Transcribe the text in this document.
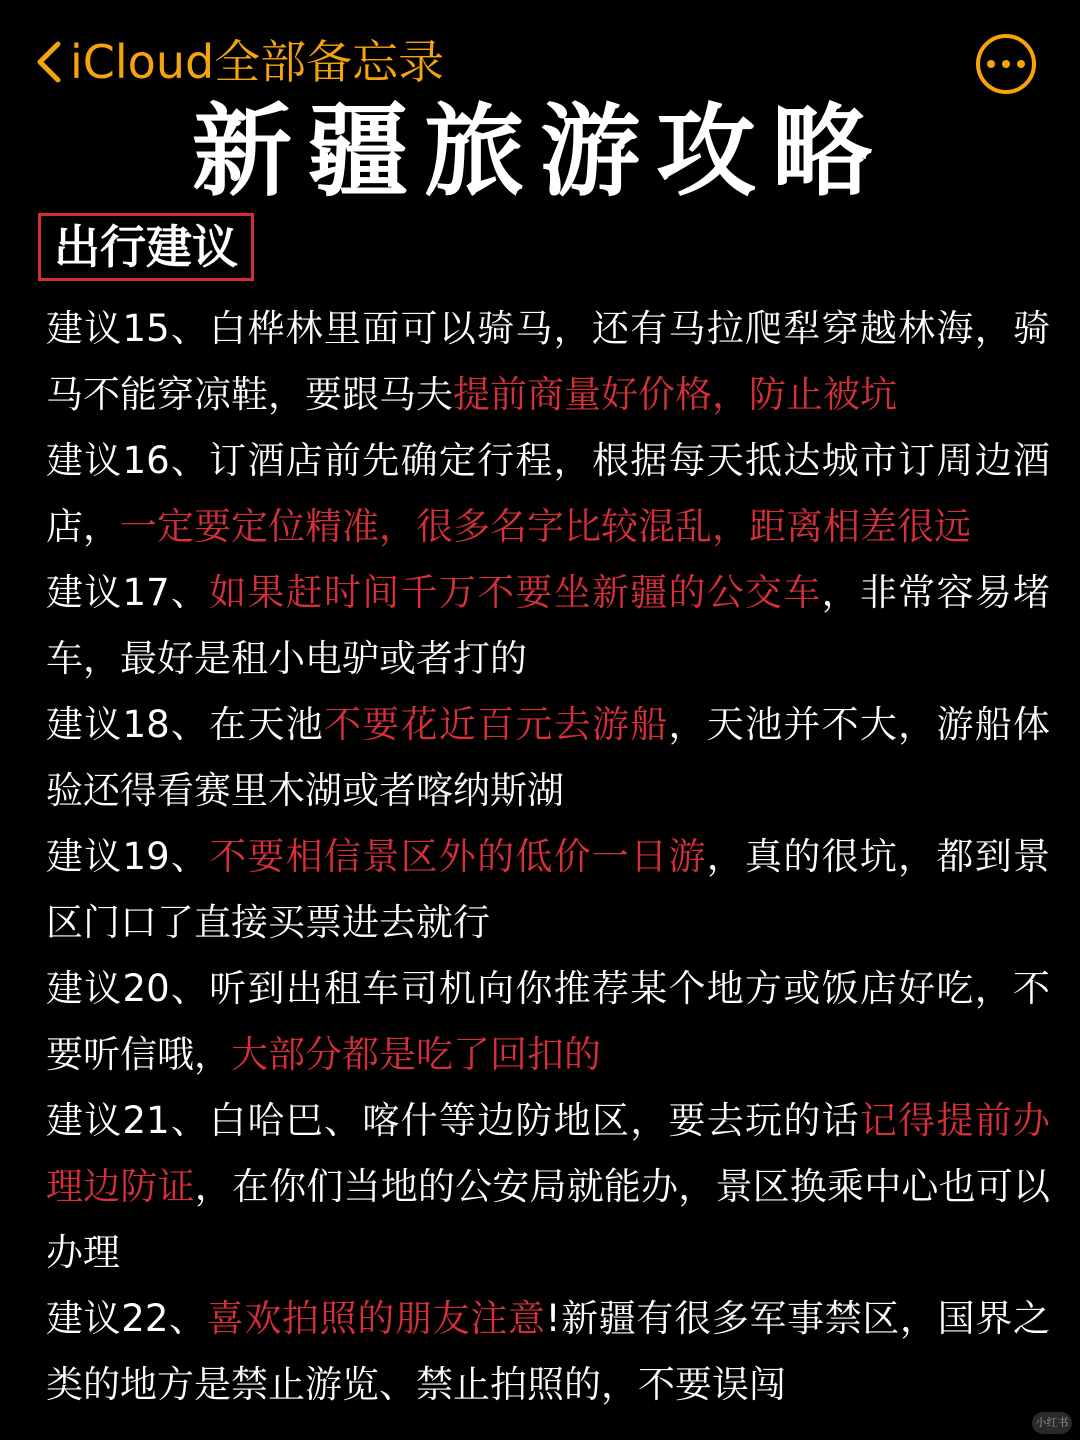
iCloud全部备忘录
新疆旅游攻略
出行建议

建议15、白桦林里面可以骑马，还有马拉爬犁穿越林海，骑马不能穿凉鞋，要跟马夫提前商量好价格，防止被坑

建议16、订酒店前先确定行程，根据每天抵达城市订周边酒店，一定要定位精准，很多名字比较混乱，距离相差很远

建议17、如果赶时间千万不要坐新疆的公交车，非常容易堵车，最好是租小电驴或者打的

建议18、在天池不要花近百元去游船，天池并不大，游船体验还得看赛里木湖或者喀纳斯湖

建议19、不要相信景区外的低价一日游，真的很坑，都到景区门口了直接买票进去就行

建议20、听到出租车司机向你推荐某个地方或饭店好吃，不要听信哦，大部分都是吃了回扣的

建议21、白哈巴、喀什等边防地区，要去玩的话记得提前办理边防证，在你们当地的公安局就能办，景区换乘中心也可以办理

建议22、喜欢拍照的朋友注意!新疆有很多军事禁区，国界之类的地方是禁止游览、禁止拍照的，不要误闯

小红书
